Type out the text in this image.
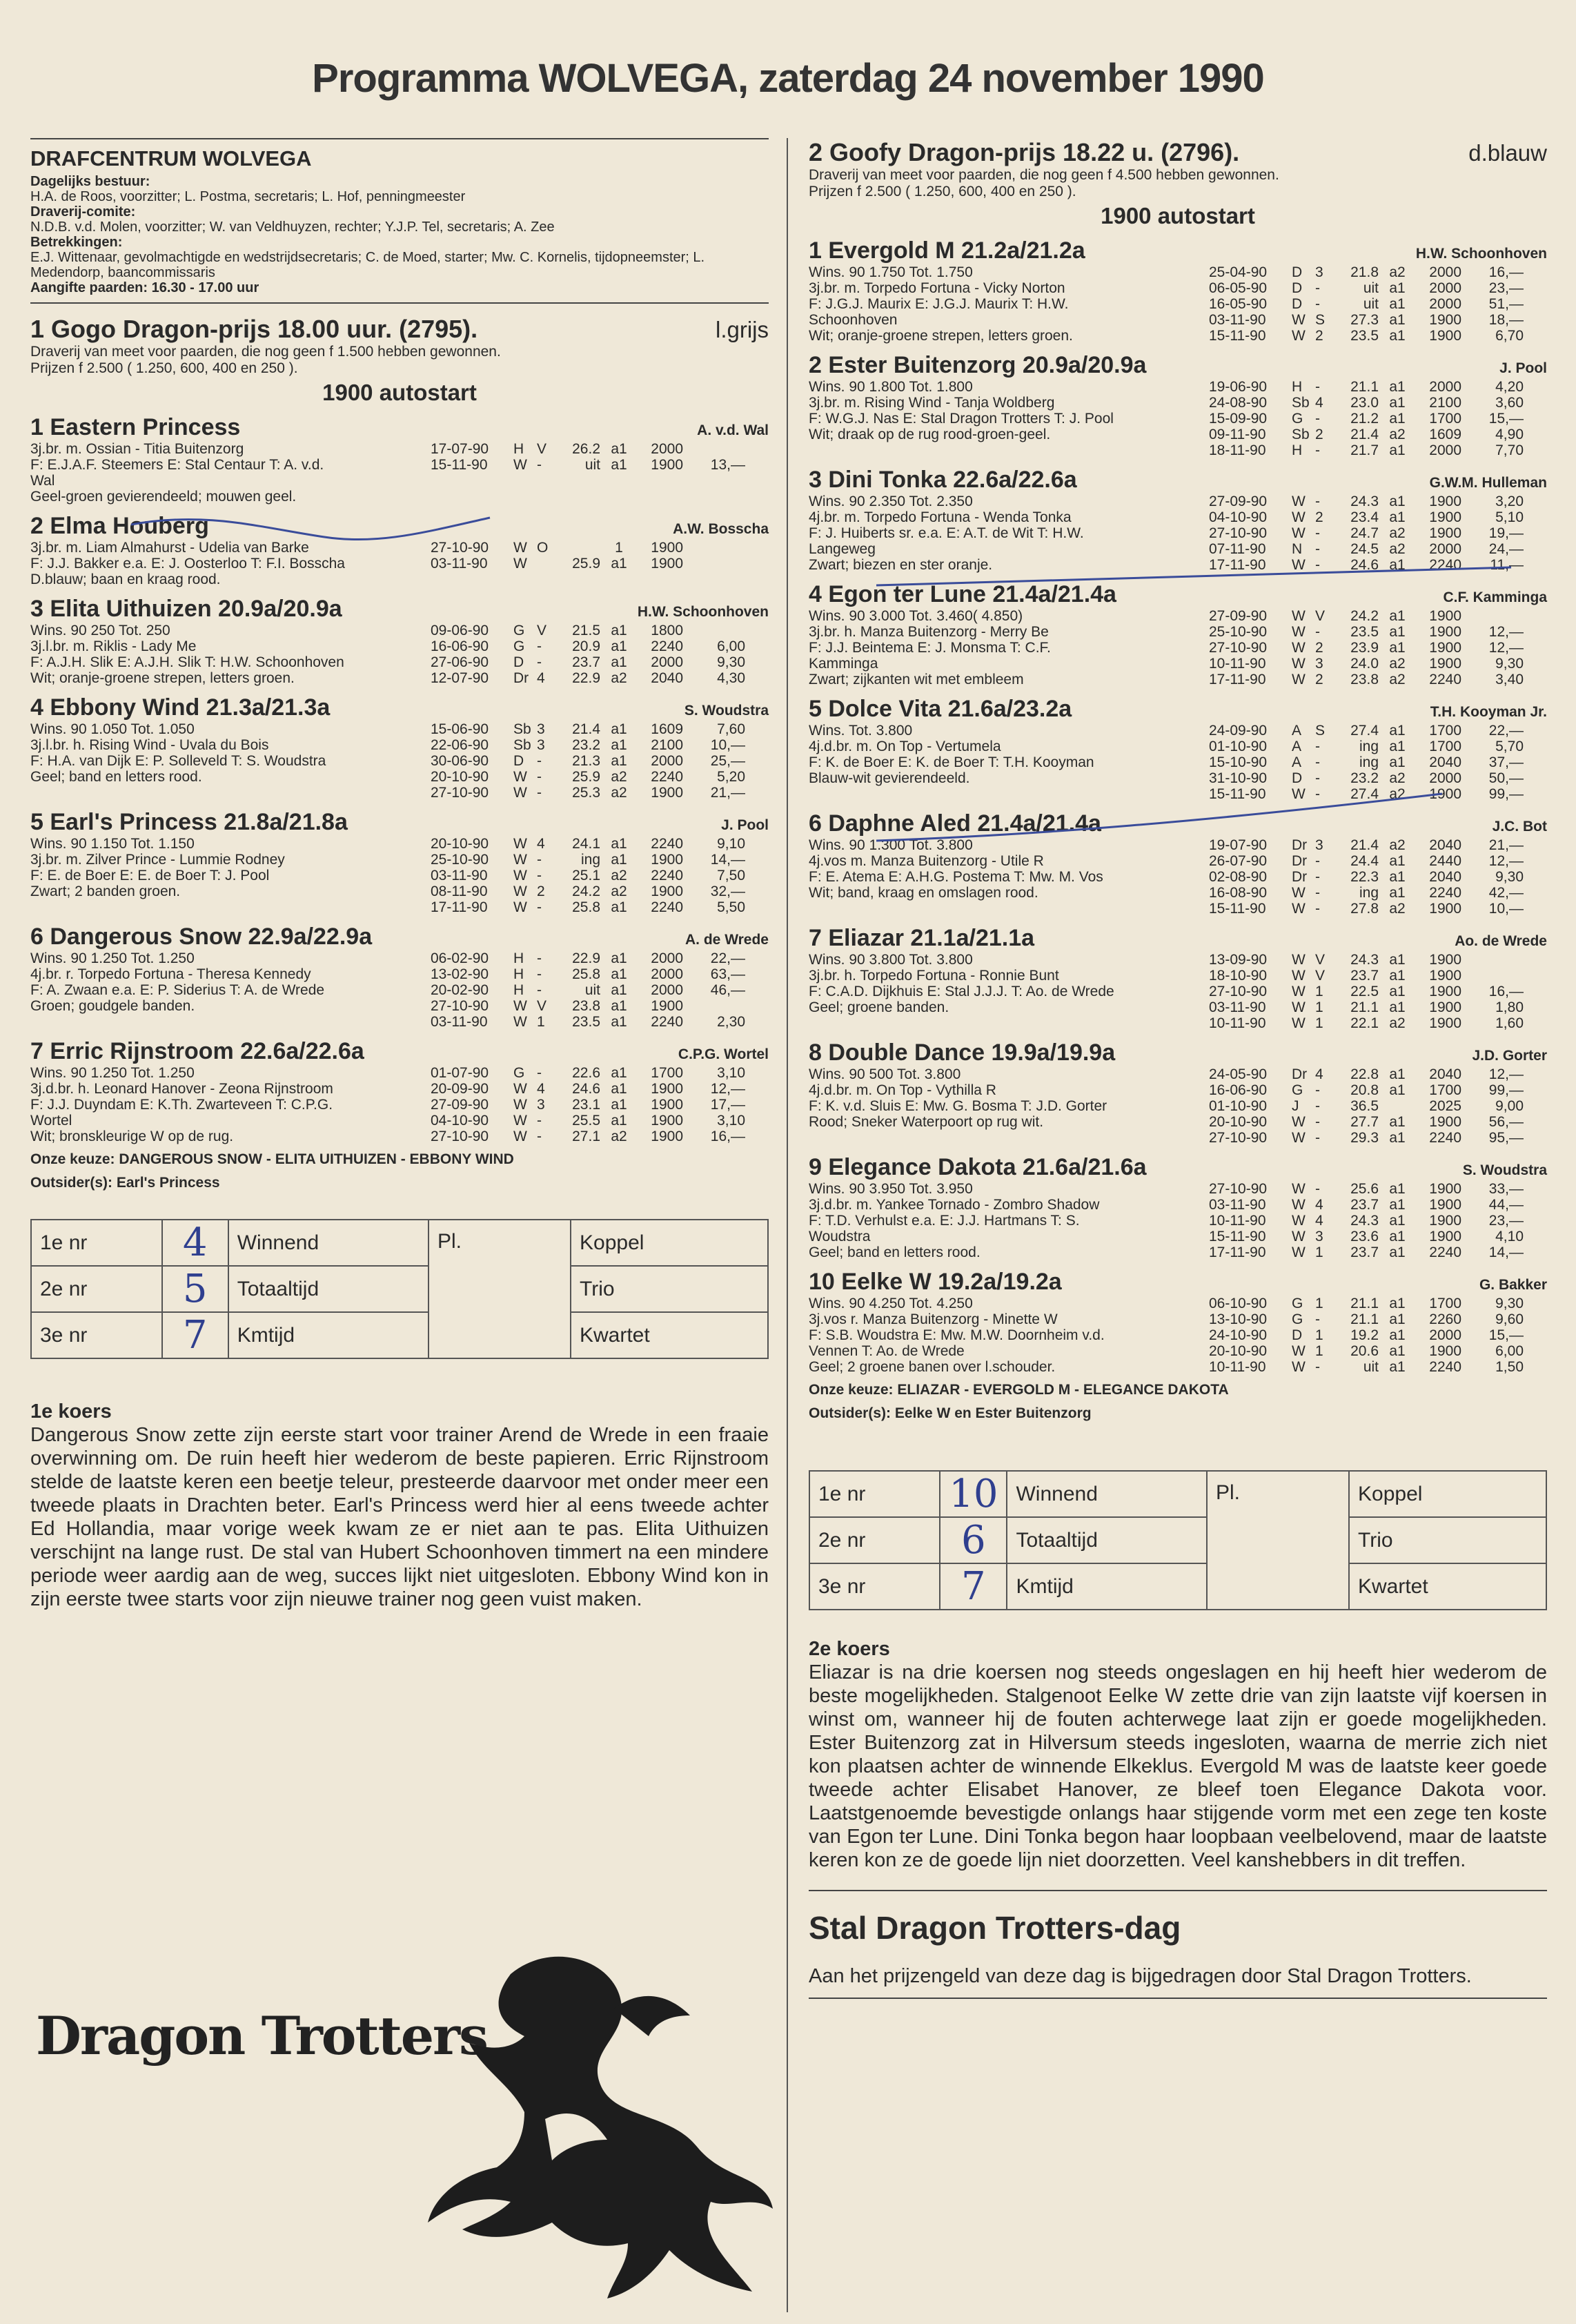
Programma WOLVEGA, zaterdag 24 november 1990
DRAFCENTRUM WOLVEGA
Dagelijks bestuur:
H.A. de Roos, voorzitter; L. Postma, secretaris; L. Hof, penningmeester
Draverij-comite:
N.D.B. v.d. Molen, voorzitter; W. van Veldhuyzen, rechter; Y.J.P. Tel, secretaris; A. Zee
Betrekkingen:
E.J. Wittenaar, gevolmachtigde en wedstrijdsecretaris; C. de Moed, starter; Mw. C. Kornelis, tijdopneemster; L. Medendorp, baancommissaris
Aangifte paarden: 16.30 - 17.00 uur
1 Gogo Dragon-prijs 18.00 uur. (2795).	l.grijs
Draverij van meet voor paarden, die nog geen f 1.500 hebben gewonnen.
Prijzen f 2.500 ( 1.250, 600, 400 en 250 ).
1900 autostart
1 Eastern Princess	A. v.d. Wal
3j.br. m. Ossian - Titia Buitenzorg
F: E.J.A.F. Steemers E: Stal Centaur T: A. v.d.
Wal
Geel-groen gevierendeeld; mouwen geel.
17-07-90	H V	26.2 a1	2000
15-11-90	W -	uit a1	1900	13,—
2 Elma Houberg	A.W. Bosscha
3j.br. m. Liam Almahurst - Udelia van Barke
F: J.J. Bakker e.a. E: J. Oosterloo T: F.I. Bosscha
D.blauw; baan en kraag rood.
27-10-90	W O	1	1900
03-11-90	W	25.9 a1	1900
3 Elita Uithuizen 20.9a/20.9a	H.W. Schoonhoven
Wins. 90 250 Tot. 250
3j.l.br. m. Riklis - Lady Me
F: A.J.H. Slik E: A.J.H. Slik T: H.W. Schoonhoven
Wit; oranje-groene strepen, letters groen.
09-06-90	G V	21.5 a1	1800
16-06-90	G -	20.9 a1	2240	6,00
27-06-90	D -	23.7 a1	2000	9,30
12-07-90	Dr 4	22.9 a2	2040	4,30
4 Ebbony Wind 21.3a/21.3a	S. Woudstra
Wins. 90 1.050 Tot. 1.050
3j.l.br. h. Rising Wind - Uvala du Bois
F: H.A. van Dijk E: P. Solleveld T: S. Woudstra
Geel; band en letters rood.
15-06-90	Sb 3	21.4 a1	1609	7,60
22-06-90	Sb 3	23.2 a1	2100	10,—
30-06-90	D -	21.3 a1	2000	25,—
20-10-90	W -	25.9 a2	2240	5,20
27-10-90	W -	25.3 a2	1900	21,—
5 Earl's Princess 21.8a/21.8a	J. Pool
Wins. 90 1.150 Tot. 1.150
3j.br. m. Zilver Prince - Lummie Rodney
F: E. de Boer E: E. de Boer T: J. Pool
Zwart; 2 banden groen.
20-10-90	W 4	24.1 a1	2240	9,10
25-10-90	W -	ing a1	1900	14,—
03-11-90	W -	25.1 a2	2240	7,50
08-11-90	W 2	24.2 a2	1900	32,—
17-11-90	W -	25.8 a1	2240	5,50
6 Dangerous Snow 22.9a/22.9a	A. de Wrede
Wins. 90 1.250 Tot. 1.250
4j.br. r. Torpedo Fortuna - Theresa Kennedy
F: A. Zwaan e.a. E: P. Siderius T: A. de Wrede
Groen; goudgele banden.
06-02-90	H -	22.9 a1	2000	22,—
13-02-90	H -	25.8 a1	2000	63,—
20-02-90	H -	uit a1	2000	46,—
27-10-90	W V	23.8 a1	1900
03-11-90	W 1	23.5 a1	2240	2,30
7 Erric Rijnstroom 22.6a/22.6a	C.P.G. Wortel
Wins. 90 1.250 Tot. 1.250
3j.d.br. h. Leonard Hanover - Zeona Rijnstroom
F: J.J. Duyndam E: K.Th. Zwarteveen T: C.P.G.
Wortel
Wit; bronskleurige W op de rug.
01-07-90	G -	22.6 a1	1700	3,10
20-09-90	W 4	24.6 a1	1900	12,—
27-09-90	W 3	23.1 a1	1900	17,—
04-10-90	W -	25.5 a1	1900	3,10
27-10-90	W -	27.1 a2	1900	16,—
Onze keuze: DANGEROUS SNOW - ELITA UITHUIZEN - EBBONY WIND
Outsider(s): Earl's Princess
1e nr	4	Winnend	Pl.	Koppel
2e nr	5	Totaaltijd		Trio
3e nr	7	Kmtijd		Kwartet
1e koers
Dangerous Snow zette zijn eerste start voor trainer Arend de Wrede in een fraaie overwinning om. De ruin heeft hier wederom de beste papieren. Erric Rijnstroom stelde de laatste keren een beetje teleur, presteerde daarvoor met onder meer een tweede plaats in Drachten beter. Earl's Princess werd hier al eens tweede achter Ed Hollandia, maar vorige week kwam ze er niet aan te pas. Elita Uithuizen verschijnt na lange rust. De stal van Hubert Schoonhoven timmert na een mindere periode weer aardig aan de weg, succes lijkt niet uitgesloten. Ebbony Wind kon in zijn eerste twee starts voor zijn nieuwe trainer nog geen vuist maken.
Dragon Trotters
2 Goofy Dragon-prijs 18.22 u. (2796).	d.blauw
Draverij van meet voor paarden, die nog geen f 4.500 hebben gewonnen.
Prijzen f 2.500 ( 1.250, 600, 400 en 250 ).
1900 autostart
1 Evergold M 21.2a/21.2a	H.W. Schoonhoven
Wins. 90 1.750 Tot. 1.750
3j.br. m. Torpedo Fortuna - Vicky Norton
F: J.G.J. Maurix E: J.G.J. Maurix T: H.W.
Schoonhoven
Wit; oranje-groene strepen, letters groen.
25-04-90	D 3	21.8 a2	2000	16,—
06-05-90	D -	uit a1	2000	23,—
16-05-90	D -	uit a1	2000	51,—
03-11-90	W S	27.3 a1	1900	18,—
15-11-90	W 2	23.5 a1	1900	6,70
2 Ester Buitenzorg 20.9a/20.9a	J. Pool
Wins. 90 1.800 Tot. 1.800
3j.br. m. Rising Wind - Tanja Woldberg
F: W.G.J. Nas E: Stal Dragon Trotters T: J. Pool
Wit; draak op de rug rood-groen-geel.
19-06-90	H -	21.1 a1	2000	4,20
24-08-90	Sb 4	23.0 a1	2100	3,60
15-09-90	G -	21.2 a1	1700	15,—
09-11-90	Sb 2	21.4 a2	1609	4,90
18-11-90	H -	21.7 a1	2000	7,70
3 Dini Tonka 22.6a/22.6a	G.W.M. Hulleman
Wins. 90 2.350 Tot. 2.350
4j.br. m. Torpedo Fortuna - Wenda Tonka
F: J. Huiberts sr. e.a. E: A.T. de Wit T: H.W.
Langeweg
Zwart; biezen en ster oranje.
27-09-90	W -	24.3 a1	1900	3,20
04-10-90	W 2	23.4 a1	1900	5,10
27-10-90	W -	24.7 a2	1900	19,—
07-11-90	N -	24.5 a2	2000	24,—
17-11-90	W -	24.6 a1	2240	11,—
4 Egon ter Lune 21.4a/21.4a	C.F. Kamminga
Wins. 90 3.000 Tot. 3.460( 4.850)
3j.br. h. Manza Buitenzorg - Merry Be
F: J.J. Beintema E: J. Monsma T: C.F.
Kamminga
Zwart; zijkanten wit met embleem
27-09-90	W V	24.2 a1	1900
25-10-90	W -	23.5 a1	1900	12,—
27-10-90	W 2	23.9 a1	1900	12,—
10-11-90	W 3	24.0 a2	1900	9,30
17-11-90	W 2	23.8 a2	2240	3,40
5 Dolce Vita 21.6a/23.2a	T.H. Kooyman Jr.
Wins. Tot. 3.800
4j.d.br. m. On Top - Vertumela
F: K. de Boer E: K. de Boer T: T.H. Kooyman
Blauw-wit gevierendeeld.
24-09-90	A S	27.4 a1	1700	22,—
01-10-90	A -	ing a1	1700	5,70
15-10-90	A -	ing a1	2040	37,—
31-10-90	D -	23.2 a2	2000	50,—
15-11-90	W -	27.4 a2	1900	99,—
6 Daphne Aled 21.4a/21.4a	J.C. Bot
Wins. 90 1.300 Tot. 3.800
4j.vos m. Manza Buitenzorg - Utile R
F: E. Atema E: A.H.G. Postema T: Mw. M. Vos
Wit; band, kraag en omslagen rood.
19-07-90	Dr 3	21.4 a2	2040	21,—
26-07-90	Dr -	24.4 a1	2440	12,—
02-08-90	Dr -	22.3 a1	2040	9,30
16-08-90	W -	ing a1	2240	42,—
15-11-90	W -	27.8 a2	1900	10,—
7 Eliazar 21.1a/21.1a	Ao. de Wrede
Wins. 90 3.800 Tot. 3.800
3j.br. h. Torpedo Fortuna - Ronnie Bunt
F: C.A.D. Dijkhuis E: Stal J.J.J. T: Ao. de Wrede
Geel; groene banden.
13-09-90	W V	24.3 a1	1900
18-10-90	W V	23.7 a1	1900
27-10-90	W 1	22.5 a1	1900	16,—
03-11-90	W 1	21.1 a1	1900	1,80
10-11-90	W 1	22.1 a2	1900	1,60
8 Double Dance 19.9a/19.9a	J.D. Gorter
Wins. 90 500 Tot. 3.800
4j.d.br. m. On Top - Vythilla R
F: K. v.d. Sluis E: Mw. G. Bosma T: J.D. Gorter
Rood; Sneker Waterpoort op rug wit.
24-05-90	Dr 4	22.8 a1	2040	12,—
16-06-90	G -	20.8 a1	1700	99,—
01-10-90	J	-	36.5	2025	9,00
20-10-90	W -	27.7 a1	1900	56,—
27-10-90	W -	29.3 a1	2240	95,—
9 Elegance Dakota 21.6a/21.6a	S. Woudstra
Wins. 90 3.950 Tot. 3.950
3j.d.br. m. Yankee Tornado - Zombro Shadow
F: T.D. Verhulst e.a. E: J.J. Hartmans T: S.
Woudstra
Geel; band en letters rood.
27-10-90	W -	25.6 a1	1900	33,—
03-11-90	W 4	23.7 a1	1900	44,—
10-11-90	W 4	24.3 a1	1900	23,—
15-11-90	W 3	23.6 a1	1900	4,10
17-11-90	W 1	23.7 a1	2240	14,—
10 Eelke W 19.2a/19.2a	G. Bakker
Wins. 90 4.250 Tot. 4.250
3j.vos r. Manza Buitenzorg - Minette W
F: S.B. Woudstra E: Mw. M.W. Doornheim v.d.
Vennen T: Ao. de Wrede
Geel; 2 groene banen over l.schouder.
06-10-90	G 1	21.1 a1	1700	9,30
13-10-90	G -	21.1 a1	2260	9,60
24-10-90	D 1	19.2 a1	2000	15,—
20-10-90	W 1	20.6 a1	1900	6,00
10-11-90	W -	uit a1	2240	1,50
Onze keuze: ELIAZAR - EVERGOLD M - ELEGANCE DAKOTA
Outsider(s): Eelke W en Ester Buitenzorg
1e nr	10	Winnend	Pl.	Koppel
2e nr	6	Totaaltijd		Trio
3e nr	7	Kmtijd		Kwartet
2e koers
Eliazar is na drie koersen nog steeds ongeslagen en hij heeft hier wederom de beste mogelijkheden. Stalgenoot Eelke W zette drie van zijn laatste vijf koersen in winst om, wanneer hij de fouten achterwege laat zijn er goede mogelijkheden. Ester Buitenzorg zat in Hilversum steeds ingesloten, waarna de merrie zich niet kon plaatsen achter de winnende Elkeklus. Evergold M was de laatste keer goede tweede achter Elisabet Hanover, ze bleef toen Elegance Dakota voor. Laatstgenoemde bevestigde onlangs haar stijgende vorm met een zege ten koste van Egon ter Lune. Dini Tonka begon haar loopbaan veelbelovend, maar de laatste keren kon ze de goede lijn niet doorzetten. Veel kanshebbers in dit treffen.
Stal Dragon Trotters-dag
Aan het prijzengeld van deze dag is bijgedragen door Stal Dragon Trotters.
